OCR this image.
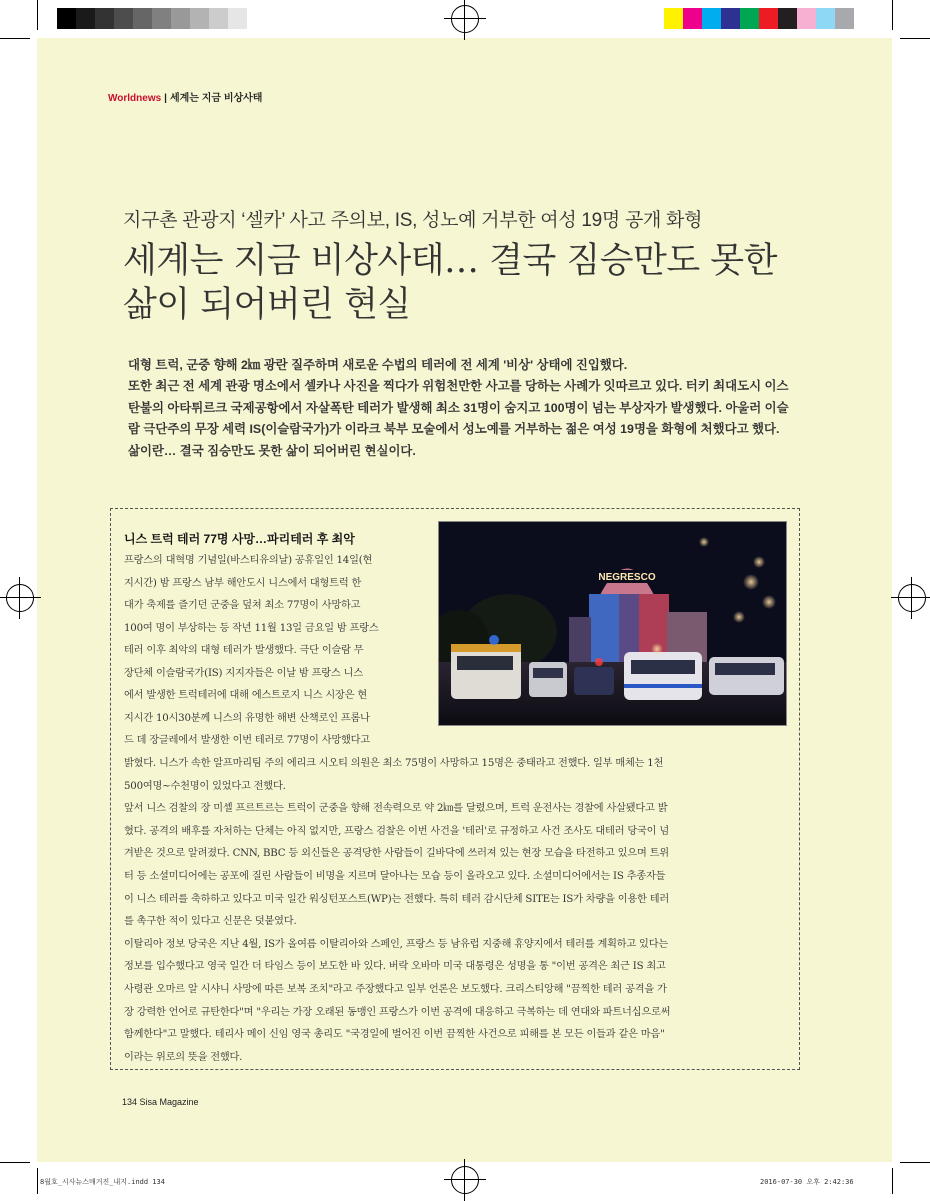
Worldnews | 세계는 지금 비상사태
지구촌 관광지 ‘셀카’ 사고 주의보, IS, 성노예 거부한 여성 19명 공개 화형
세계는 지금 비상사태… 결국 짐승만도 못한
삶이 되어버린 현실

대형 트럭, 군중 향해 2㎞ 광란 질주하며 새로운 수법의 테러에 전 세계 '비상' 상태에 진입했다.

또한 최근 전 세계 관광 명소에서 셀카나 사진을 찍다가 위험천만한 사고를 당하는 사례가 잇따르고 있다. 터키 최대도시 이스탄불의 아타튀르크 국제공항에서 자살폭탄 테러가 발생해 최소 31명이 숨지고 100명이 넘는 부상자가 발생했다. 아울러 이슬람 극단주의 무장 세력 IS(이슬람국가)가 이라크 북부 모술에서 성노예를 거부하는 젊은 여성 19명을 화형에 처했다고 했다. 삶이란… 결국 짐승만도 못한 삶이 되어버린 현실이다.

니스 트럭 테러 77명 사망…파리테러 후 최악
NEGRESCO

프랑스의 대혁명 기념일(바스티유의날) 공휴일인 14일(현

지시간) 밤 프랑스 남부 해안도시 니스에서 대형트럭 한

대가 축제를 즐기던 군중을 덮쳐 최소 77명이 사망하고

100여 명이 부상하는 등 작년 11월 13일 금요일 밤 프랑스

테러 이후 최악의 대형 테러가 발생했다. 극단 이슬람 무

장단체 이슬람국가(IS) 지지자들은 이날 밤 프랑스 니스

에서 발생한 트럭테러에 대해 에스트로지 니스 시장은 현

지시간 10시30분께 니스의 유명한 해변 산책로인 프롬나

드 데 장글레에서 발생한 이번 테러로 77명이 사망했다고

밝혔다. 니스가 속한 알프마리팀 주의 에리크 시오티 의원은 최소 75명이 사망하고 15명은 중태라고 전했다. 일부 매체는 1천

500여명~수천명이 있었다고 전했다.

앞서 니스 검찰의 장 미셸 프르트르는 트럭이 군중을 향해 전속력으로 약 2㎞를 달렸으며, 트럭 운전사는 경찰에 사살됐다고 밝

혔다. 공격의 배후를 자처하는 단체는 아직 없지만, 프랑스 검찰은 이번 사건을 '테러'로 규정하고 사건 조사도 대테러 당국이 넘

겨받은 것으로 알려졌다. CNN, BBC 등 외신들은 공격당한 사람들이 길바닥에 쓰러져 있는 현장 모습을 타전하고 있으며 트위

터 등 소셜미디어에는 공포에 질린 사람들이 비명을 지르며 달아나는 모습 등이 올라오고 있다. 소셜미디어에서는 IS 추종자들

이 니스 테러를 축하하고 있다고 미국 일간 워싱턴포스트(WP)는 전했다. 특히 테러 감시단체 SITE는 IS가 차량을 이용한 테러

를 촉구한 적이 있다고 신문은 덧붙였다.

이탈리아 정보 당국은 지난 4월, IS가 올여름 이탈리아와 스페인, 프랑스 등 남유럽 지중해 휴양지에서 테러를 계획하고 있다는

정보를 입수했다고 영국 일간 더 타임스 등이 보도한 바 있다. 버락 오바마 미국 대통령은 성명을 통 "이번 공격은 최근 IS 최고

사령관 오마르 알 시샤니 사망에 따른 보복 조치"라고 주장했다고 일부 언론은 보도했다. 크리스티앙해 "끔찍한 테러 공격을 가

장 강력한 언어로 규탄한다"며 "우리는 가장 오래된 동맹인 프랑스가 이번 공격에 대응하고 극복하는 데 연대와 파트너십으로써

함께한다"고 말했다. 테리사 메이 신임 영국 총리도 "국경일에 벌어진 이번 끔찍한 사건으로 피해를 본 모든 이들과 같은 마음"

이라는 위로의 뜻을 전했다.

134 Sisa Magazine
8월호_시사뉴스매거진_내지.indd 134	2016-07-30 오후 2:42:36
